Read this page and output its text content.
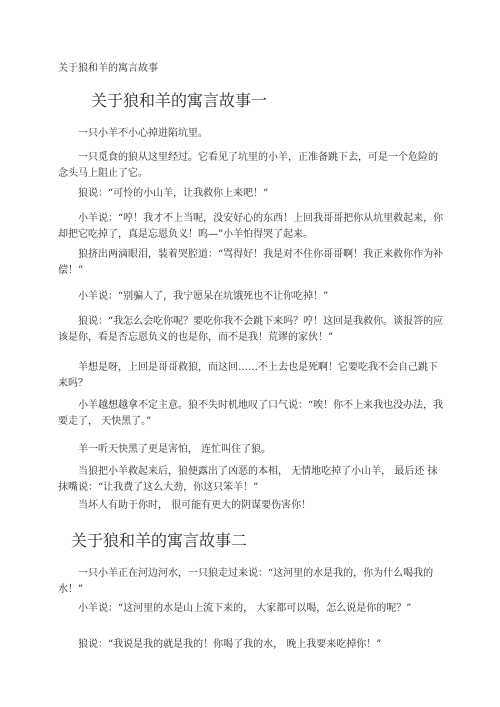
关于狼和羊的寓言故事
关于狼和羊的寓言故事一

一只小羊不小心掉进陷坑里。

一只觅食的狼从这里经过。它看见了坑里的小羊，正准备跳下去，可是一个危险的念头马上阻止了它。

狼说：“可怜的小山羊，让我救你上来吧！”

小羊说：“哼！我才不上当呢，没安好心的东西！上回我哥哥把你从坑里救起来，你却把它吃掉了，真是忘恩负义！呜—”小羊怕得哭了起来。

狼挤出两滴眼泪，装着哭腔道：“骂得好！我是对不住你哥哥啊！我正来救你作为补偿！”

小羊说：“别骗人了，我宁愿呆在坑饿死也不让你吃掉！”

狼说：“我怎么会吃你呢？要吃你我不会跳下来吗？哼！这回是我救你。谈报答的应该是你，看是否忘恩负义的也是你，而不是我！荒谬的家伙！”

羊想是呀，上回是哥哥救狼，而这回……不上去也是死啊！它要吃我不会自己跳下来吗？

小羊越想越拿不定主意。狼不失时机地叹了口气说：“唉！你不上来我也没办法，我要走了， 天快黑了。”

羊一听天快黑了更是害怕， 连忙叫住了狼。

当狼把小羊救起来后，狼便露出了凶恶的本相， 无情地吃掉了小山羊， 最后还 抹抹嘴说：“让我费了这么大劲，你这只笨羊！”

当坏人有助于你时， 很可能有更大的阴谋要伤害你！

关于狼和羊的寓言故事二

一只小羊正在河边河水，一只狼走过来说：“这河里的水是我的，你为什么喝我的水！”

小羊说：“这河里的水是山上流下来的， 大家都可以喝，怎么说是你的呢？”

狼说：“我说是我的就是我的！你喝了我的水， 晚上我要来吃掉你！”
